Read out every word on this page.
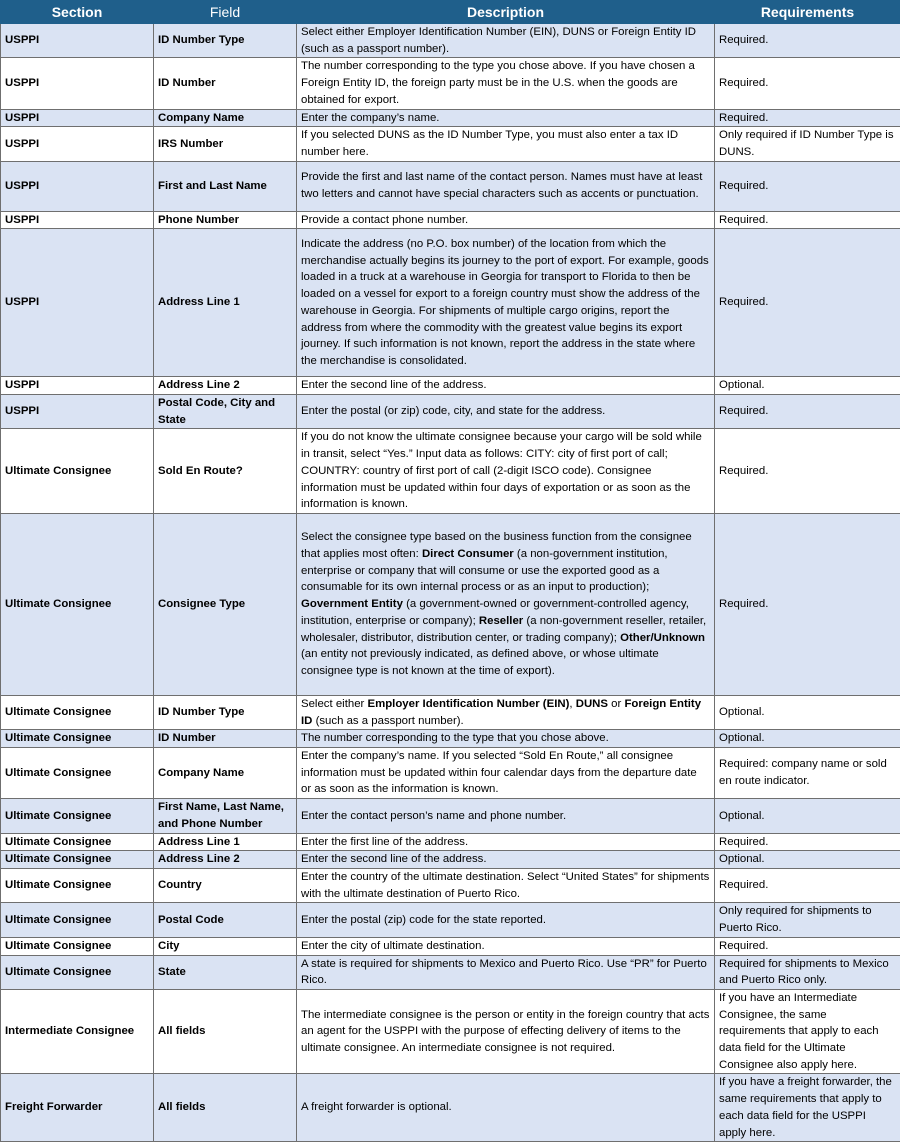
Section	Field	Description	Requirements
USPPI	ID Number Type	Select either Employer Identification Number (EIN), DUNS or Foreign Entity ID (such as a passport number).	Required.
USPPI	ID Number	The number corresponding to the type you chose above. If you have chosen a Foreign Entity ID, the foreign party must be in the U.S. when the goods are obtained for export.	Required.
USPPI	Company Name	Enter the company’s name.	Required.
USPPI	IRS Number	If you selected DUNS as the ID Number Type, you must also enter a tax ID number here.	Only required if ID Number Type is DUNS.
USPPI	First and Last Name	Provide the first and last name of the contact person. Names must have at least two letters and cannot have special characters such as accents or punctuation.	Required.
USPPI	Phone Number	Provide a contact phone number.	Required.
USPPI	Address Line 1	Indicate the address (no P.O. box number) of the location from which the merchandise actually begins its journey to the port of export. For example, goods loaded in a truck at a warehouse in Georgia for transport to Florida to then be loaded on a vessel for export to a foreign country must show the address of the warehouse in Georgia. For shipments of multiple cargo origins, report the address from where the commodity with the greatest value begins its export journey. If such information is not known, report the address in the state where the merchandise is consolidated.	Required.
USPPI	Address Line 2	Enter the second line of the address.	Optional.
USPPI	Postal Code, City and State	Enter the postal (or zip) code, city, and state for the address.	Required.
Ultimate Consignee	Sold En Route?	If you do not know the ultimate consignee because your cargo will be sold while in transit, select “Yes.” Input data as follows: CITY: city of first port of call; COUNTRY: country of first port of call (2-digit ISCO code). Consignee information must be updated within four days of exportation or as soon as the information is known.	Required.
Ultimate Consignee	Consignee Type	Select the consignee type based on the business function from the consignee that applies most often: Direct Consumer (a non-government institution, enterprise or company that will consume or use the exported good as a consumable for its own internal process or as an input to production); Government Entity (a government-owned or government-controlled agency, institution, enterprise or company); Reseller (a non-government reseller, retailer, wholesaler, distributor, distribution center, or trading company); Other/Unknown (an entity not previously indicated, as defined above, or whose ultimate consignee type is not known at the time of export).	Required.
Ultimate Consignee	ID Number Type	Select either Employer Identification Number (EIN), DUNS or Foreign Entity ID (such as a passport number).	Optional.
Ultimate Consignee	ID Number	The number corresponding to the type that you chose above.	Optional.
Ultimate Consignee	Company Name	Enter the company’s name. If you selected “Sold En Route,” all consignee information must be updated within four calendar days from the departure date or as soon as the information is known.	Required: company name or sold en route indicator.
Ultimate Consignee	First Name, Last Name, and Phone Number	Enter the contact person’s name and phone number.	Optional.
Ultimate Consignee	Address Line 1	Enter the first line of the address.	Required.
Ultimate Consignee	Address Line 2	Enter the second line of the address.	Optional.
Ultimate Consignee	Country	Enter the country of the ultimate destination. Select “United States” for shipments with the ultimate destination of Puerto Rico.	Required.
Ultimate Consignee	Postal Code	Enter the postal (zip) code for the state reported.	Only required for shipments to Puerto Rico.
Ultimate Consignee	City	Enter the city of ultimate destination.	Required.
Ultimate Consignee	State	A state is required for shipments to Mexico and Puerto Rico. Use “PR” for Puerto Rico.	Required for shipments to Mexico and Puerto Rico only.
Intermediate Consignee	All fields	The intermediate consignee is the person or entity in the foreign country that acts an agent for the USPPI with the purpose of effecting delivery of items to the ultimate consignee. An intermediate consignee is not required.	If you have an Intermediate Consignee, the same requirements that apply to each data field for the Ultimate Consignee also apply here.
Freight Forwarder	All fields	A freight forwarder is optional.	If you have a freight forwarder, the same requirements that apply to each data field for the USPPI apply here.
